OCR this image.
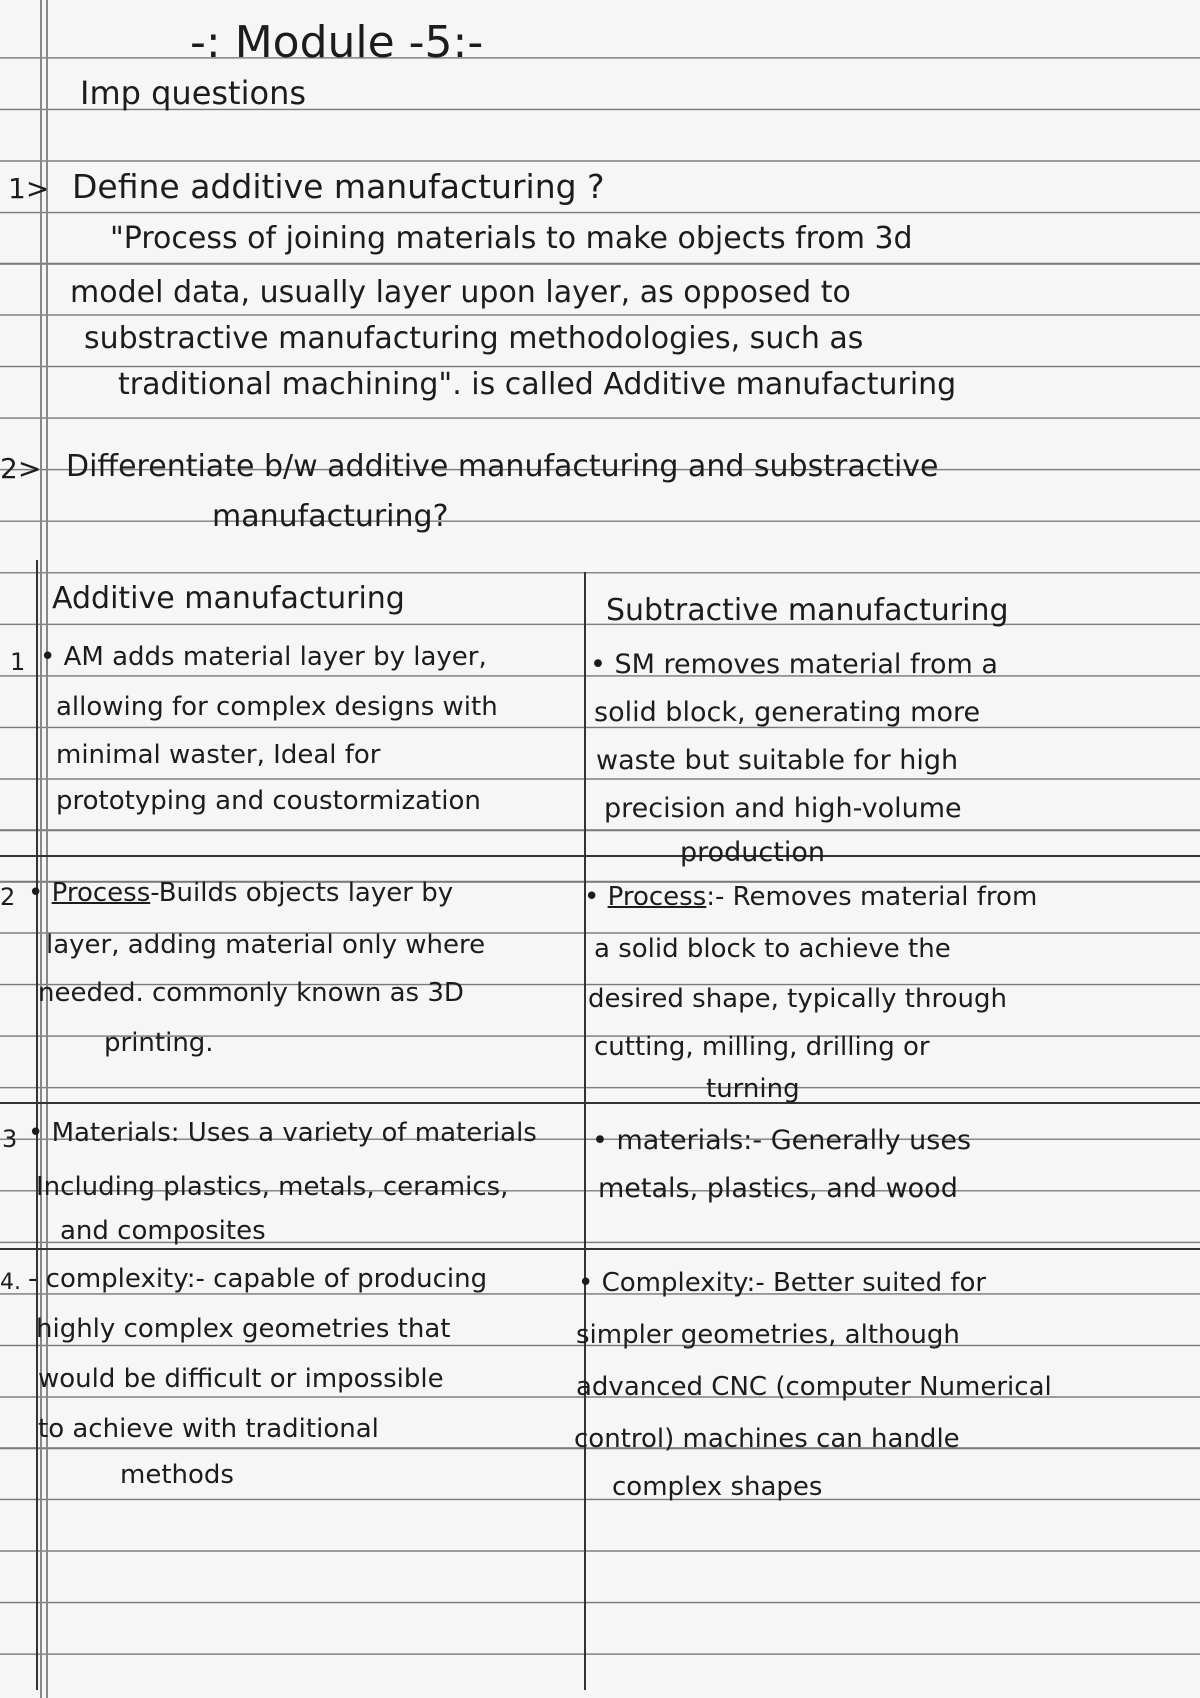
-: Module -5:-
Imp questions
1> Define additive manufacturing ?
"Process of joining materials to make objects from 3d
model data, usually layer upon layer, as opposed to
substractive manufacturing methodologies, such as
traditional machining". is called Additive manufacturing
2> Differentiate b/w additive manufacturing and substractive
manufacturing?
Additive manufacturing	Subtractive manufacturing
1 • AM adds material layer by layer,
allowing for complex designs with
minimal waster, Ideal for
prototyping and coustormization
• SM removes material from a
solid block, generating more
waste but suitable for high
precision and high-volume
production
2 • Process-Builds objects layer by
layer, adding material only where
needed. commonly known as 3D
printing.
• Process:- Removes material from
a solid block to achieve the
desired shape, typically through
cutting, milling, drilling or
turning
3 • Materials: Uses a variety of materials
Including plastics, metals, ceramics,
and composites
• materials:- Generally uses
metals, plastics, and wood
4. - complexity:- capable of producing
highly complex geometries that
would be difficult or impossible
to achieve with traditional
methods
• Complexity:- Better suited for
simpler geometries, although
advanced CNC (computer Numerical
control) machines can handle
complex shapes
